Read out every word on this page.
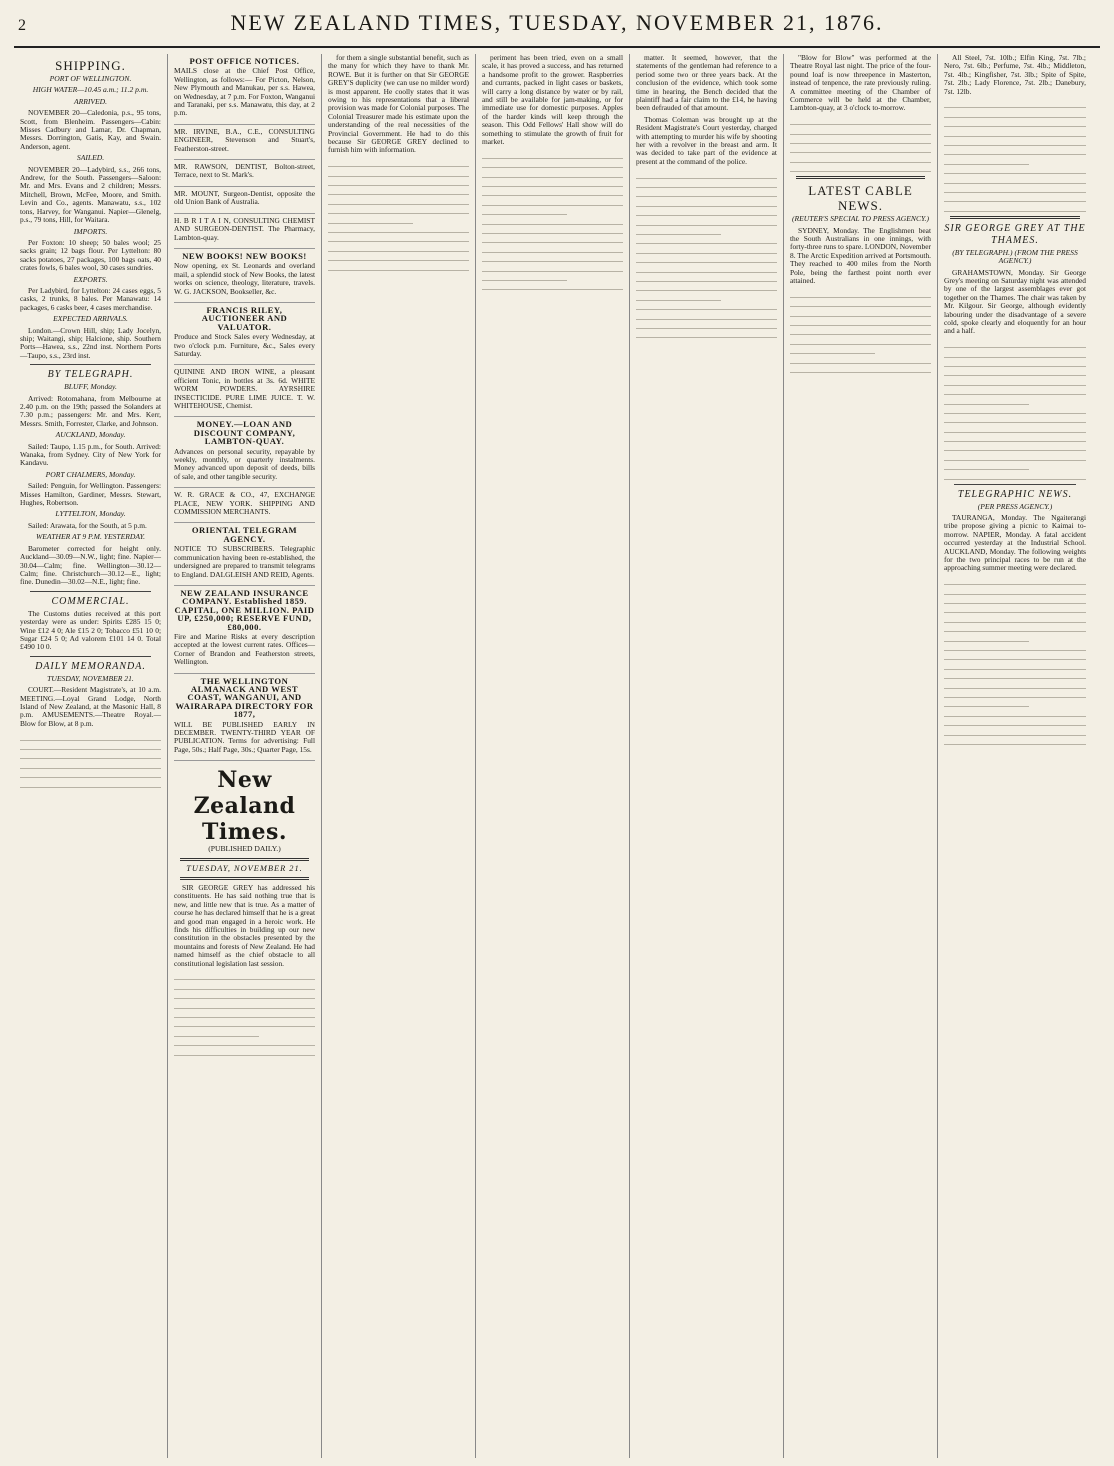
2	NEW ZEALAND TIMES, TUESDAY, NOVEMBER 21, 1876.
SHIPPING.
PORT OF WELLINGTON.
HIGH WATER—10.45 a.m.; 11.2 p.m.
ARRIVED.

NOVEMBER 20—Caledonia, p.s., 95 tons, Scott, from Blenheim. Passengers—Cabin: Misses Cadbury and Lamar, Dr. Chapman, Messrs. Dorrington, Gatis, Kay, and Swain. Anderson, agent.

SAILED.

NOVEMBER 20—Ladybird, s.s., 266 tons, Andrew, for the South. Passengers—Saloon: Mr. and Mrs. Evans and 2 children; Messrs. Mitchell, Brown, McFee, Moore, and Smith. Levin and Co., agents. Manawatu, s.s., 102 tons, Harvey, for Wanganui. Napier—Glenelg, p.s., 79 tons, Hill, for Waitara.

IMPORTS.

Per Foxton: 10 sheep; 50 bales wool; 25 sacks grain; 12 bags flour. Per Lyttelton: 80 sacks potatoes, 27 packages, 100 bags oats, 40 crates fowls, 6 bales wool, 30 cases sundries.

EXPORTS.

Per Ladybird, for Lyttelton: 24 cases eggs, 5 casks, 2 trunks, 8 bales. Per Manawatu: 14 packages, 6 casks beer, 4 cases merchandise.

EXPECTED ARRIVALS.

London.—Crown Hill, ship; Lady Jocelyn, ship; Waitangi, ship; Halcione, ship. Southern Ports—Hawea, s.s., 22nd inst. Northern Ports—Taupo, s.s., 23rd inst.

BY TELEGRAPH.
BLUFF, Monday.

Arrived: Rotomahana, from Melbourne at 2.40 p.m. on the 19th; passed the Solanders at 7.30 p.m.; passengers: Mr. and Mrs. Kerr, Messrs. Smith, Forrester, Clarke, and Johnson.

AUCKLAND, Monday.

Sailed: Taupo, 1.15 p.m., for South. Arrived: Wanaka, from Sydney. City of New York for Kandavu.

PORT CHALMERS, Monday.

Sailed: Penguin, for Wellington. Passengers: Misses Hamilton, Gardiner, Messrs. Stewart, Hughes, Robertson.

LYTTELTON, Monday.

Sailed: Arawata, for the South, at 5 p.m.

WEATHER AT 9 P.M. YESTERDAY.

Barometer corrected for height only. Auckland—30.09—N.W., light; fine. Napier—30.04—Calm; fine. Wellington—30.12—Calm; fine. Christchurch—30.12—E., light; fine. Dunedin—30.02—N.E., light; fine.

COMMERCIAL.

The Customs duties received at this port yesterday were as under: Spirits £285 15 0; Wine £12 4 0; Ale £15 2 0; Tobacco £51 10 0; Sugar £24 5 0; Ad valorem £101 14 0. Total £490 10 0.

DAILY MEMORANDA.
TUESDAY, NOVEMBER 21.

COURT.—Resident Magistrate's, at 10 a.m. MEETING.—Loyal Grand Lodge, North Island of New Zealand, at the Masonic Hall, 8 p.m. AMUSEMENTS.—Theatre Royal.—Blow for Blow, at 8 p.m.

POST OFFICE NOTICES.

MAILS close at the Chief Post Office, Wellington, as follows:— For Picton, Nelson, New Plymouth and Manukau, per s.s. Hawea, on Wednesday, at 7 p.m. For Foxton, Wanganui and Taranaki, per s.s. Manawatu, this day, at 2 p.m.

MR. IRVINE, B.A., C.E., CONSULTING ENGINEER, Stevenson and Stuart's, Featherston-street.

MR. RAWSON, DENTIST, Bolton-street, Terrace, next to St. Mark's.

MR. MOUNT, Surgeon-Dentist, opposite the old Union Bank of Australia.

H. B R I T A I N, CONSULTING CHEMIST AND SURGEON-DENTIST. The Pharmacy, Lambton-quay.

NEW BOOKS! NEW BOOKS!

Now opening, ex St. Leonards and overland mail, a splendid stock of New Books, the latest works on science, theology, literature, travels. W. G. JACKSON, Bookseller, &c.

FRANCIS RILEY, AUCTIONEER AND VALUATOR.

Produce and Stock Sales every Wednesday, at two o'clock p.m. Furniture, &c., Sales every Saturday.

QUININE AND IRON WINE, a pleasant efficient Tonic, in bottles at 3s. 6d. WHITE WORM POWDERS. AYRSHIRE INSECTICIDE. PURE LIME JUICE. T. W. WHITEHOUSE, Chemist.

MONEY.—LOAN AND DISCOUNT COMPANY, LAMBTON-QUAY.

Advances on personal security, repayable by weekly, monthly, or quarterly instalments. Money advanced upon deposit of deeds, bills of sale, and other tangible security.

W. R. GRACE & CO., 47, EXCHANGE PLACE, NEW YORK. SHIPPING AND COMMISSION MERCHANTS.

ORIENTAL TELEGRAM AGENCY.

NOTICE TO SUBSCRIBERS. Telegraphic communication having been re-established, the undersigned are prepared to transmit telegrams to England. DALGLEISH AND REID, Agents.

NEW ZEALAND INSURANCE COMPANY. Established 1859. CAPITAL, ONE MILLION. PAID UP, £250,000; RESERVE FUND, £80,000.

Fire and Marine Risks at every description accepted at the lowest current rates. Offices—Corner of Brandon and Featherston streets, Wellington.

THE WELLINGTON ALMANACK AND WEST COAST, WANGANUI, AND WAIRARAPA DIRECTORY FOR 1877,

WILL BE PUBLISHED EARLY IN DECEMBER. TWENTY-THIRD YEAR OF PUBLICATION. Terms for advertising: Full Page, 50s.; Half Page, 30s.; Quarter Page, 15s.

New Zealand Times.
(PUBLISHED DAILY.)
TUESDAY, NOVEMBER 21.

SIR GEORGE GREY has addressed his constituents. He has said nothing true that is new, and little new that is true. As a matter of course he has declared himself that he is a great and good man engaged in a heroic work. He finds his difficulties in building up our new constitution in the obstacles presented by the mountains and forests of New Zealand. He had named himself as the chief obstacle to all constitutional legislation last session.

for them a single substantial benefit, such as the many for which they have to thank Mr. ROWE. But it is further on that Sir GEORGE GREY'S duplicity (we can use no milder word) is most apparent. He coolly states that it was owing to his representations that a liberal provision was made for Colonial purposes. The Colonial Treasurer made his estimate upon the understanding of the real necessities of the Provincial Government. He had to do this because Sir GEORGE GREY declined to furnish him with information.

periment has been tried, even on a small scale, it has proved a success, and has returned a handsome profit to the grower. Raspberries and currants, packed in light cases or baskets, will carry a long distance by water or by rail, and still be available for jam-making, or for immediate use for domestic purposes. Apples of the harder kinds will keep through the season. This Odd Fellows' Hall show will do something to stimulate the growth of fruit for market.

matter. It seemed, however, that the statements of the gentleman had reference to a period some two or three years back. At the conclusion of the evidence, which took some time in hearing, the Bench decided that the plaintiff had a fair claim to the £14, he having been defrauded of that amount.

Thomas Coleman was brought up at the Resident Magistrate's Court yesterday, charged with attempting to murder his wife by shooting her with a revolver in the breast and arm. It was decided to take part of the evidence at present at the command of the police.

"Blow for Blow" was performed at the Theatre Royal last night. The price of the four-pound loaf is now threepence in Masterton, instead of tenpence, the rate previously ruling. A committee meeting of the Chamber of Commerce will be held at the Chamber, Lambton-quay, at 3 o'clock to-morrow.

LATEST CABLE NEWS.
(REUTER'S SPECIAL TO PRESS AGENCY.)

SYDNEY, Monday. The Englishmen beat the South Australians in one innings, with forty-three runs to spare. LONDON, November 8. The Arctic Expedition arrived at Portsmouth. They reached to 400 miles from the North Pole, being the farthest point north ever attained.

All Steel, 7st. 10lb.; Elfin King, 7st. 7lb.; Nero, 7st. 6lb.; Perfume, 7st. 4lb.; Middleton, 7st. 4lb.; Kingfisher, 7st. 3lb.; Spite of Spite, 7st. 2lb.; Lady Florence, 7st. 2lb.; Danebury, 7st. 12lb.

SIR GEORGE GREY AT THE THAMES.
(BY TELEGRAPH.) (FROM THE PRESS AGENCY.)

GRAHAMSTOWN, Monday. Sir George Grey's meeting on Saturday night was attended by one of the largest assemblages ever got together on the Thames. The chair was taken by Mr. Kilgour. Sir George, although evidently labouring under the disadvantage of a severe cold, spoke clearly and eloquently for an hour and a half.

TELEGRAPHIC NEWS.
(PER PRESS AGENCY.)

TAURANGA, Monday. The Ngaiterangi tribe propose giving a picnic to Kaimai to-morrow. NAPIER, Monday. A fatal accident occurred yesterday at the Industrial School. AUCKLAND, Monday. The following weights for the two principal races to be run at the approaching summer meeting were declared.
